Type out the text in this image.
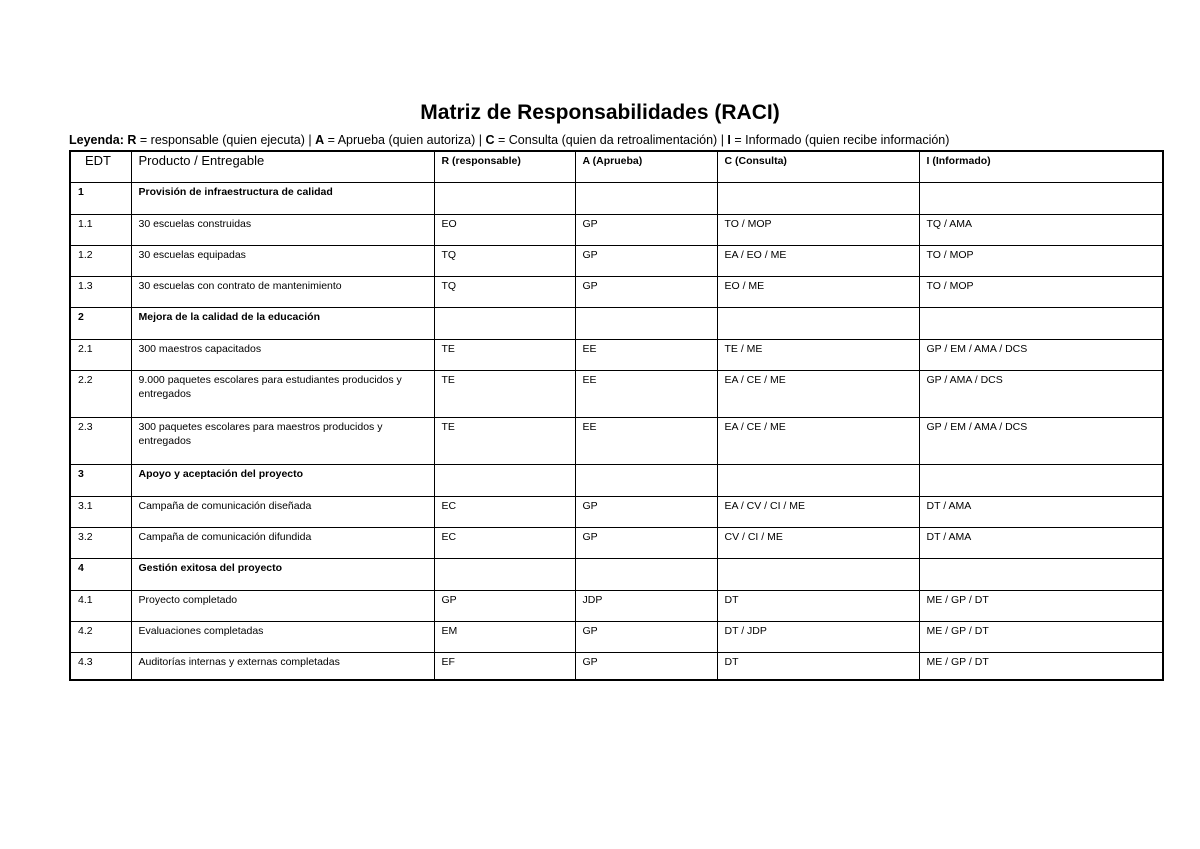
Matriz de Responsabilidades (RACI)
Leyenda: R = responsable (quien ejecuta) | A = Aprueba (quien autoriza) | C = Consulta (quien da retroalimentación) | I = Informado (quien recibe información)
EDT	Producto / Entregable	R (responsable)	A (Aprueba)	C (Consulta)	I (Informado)
1	Provisión de infraestructura de calidad				
1.1	30 escuelas construidas	EO	GP	TO / MOP	TQ / AMA
1.2	30 escuelas equipadas	TQ	GP	EA / EO / ME	TO / MOP
1.3	30 escuelas con contrato de mantenimiento	TQ	GP	EO / ME	TO / MOP
2	Mejora de la calidad de la educación				
2.1	300 maestros capacitados	TE	EE	TE / ME	GP / EM / AMA / DCS
2.2	9.000 paquetes escolares para estudiantes producidos y entregados	TE	EE	EA / CE / ME	GP / AMA / DCS
2.3	300 paquetes escolares para maestros producidos y entregados	TE	EE	EA / CE / ME	GP / EM / AMA / DCS
3	Apoyo y aceptación del proyecto				
3.1	Campaña de comunicación diseñada	EC	GP	EA / CV / CI / ME	DT / AMA
3.2	Campaña de comunicación difundida	EC	GP	CV / CI / ME	DT / AMA
4	Gestión exitosa del proyecto				
4.1	Proyecto completado	GP	JDP	DT	ME / GP / DT
4.2	Evaluaciones completadas	EM	GP	DT / JDP	ME / GP / DT
4.3	Auditorías internas y externas completadas	EF	GP	DT	ME / GP / DT
